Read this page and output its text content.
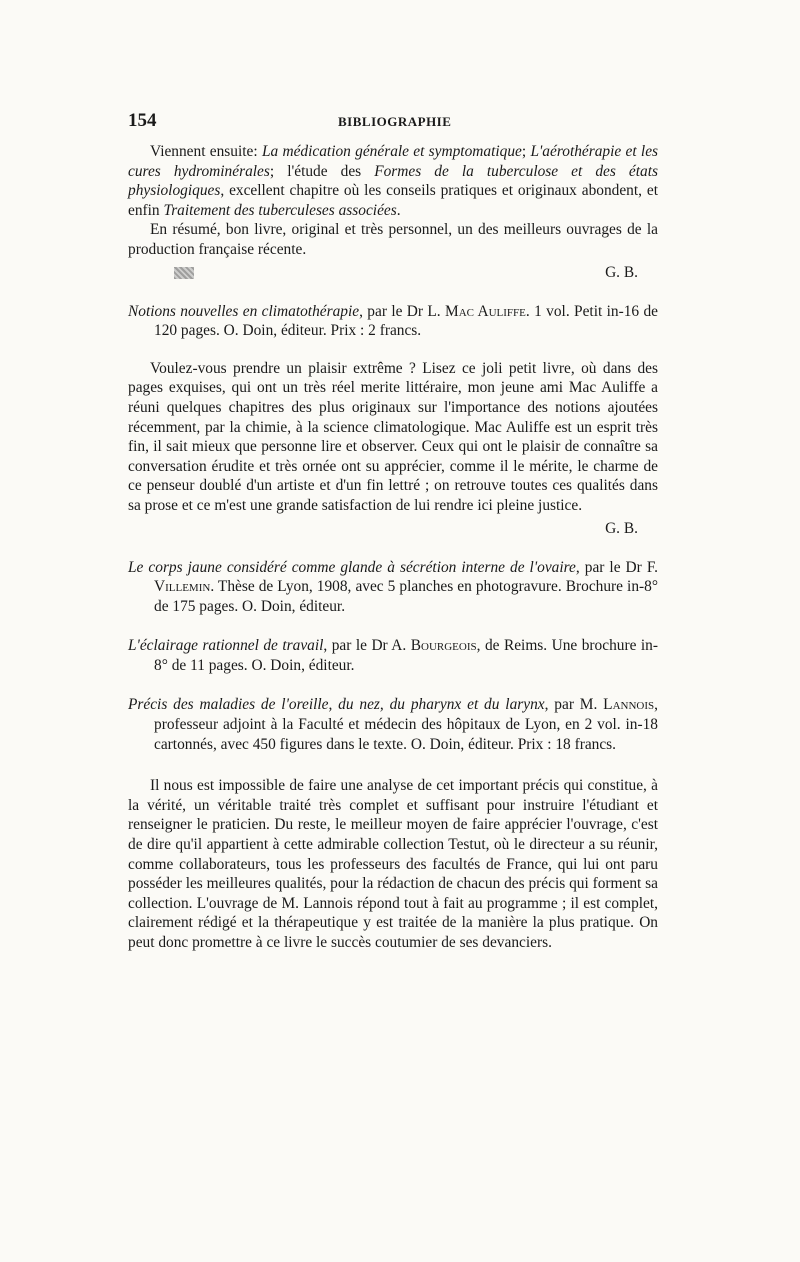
154	BIBLIOGRAPHIE

Viennent ensuite: La médication générale et symptomatique; L'aérothérapie et les cures hydrominérales; l'étude des Formes de la tuberculose et des états physiologiques, excellent chapitre où les conseils pratiques et originaux abondent, et enfin Traitement des tuberculeses associées.

En résumé, bon livre, original et très personnel, un des meilleurs ouvrages de la production française récente.

G. B.

Notions nouvelles en climatothérapie, par le Dr L. Mac Auliffe. 1 vol. Petit in-16 de 120 pages. O. Doin, éditeur. Prix : 2 francs.

Voulez-vous prendre un plaisir extrême ? Lisez ce joli petit livre, où dans des pages exquises, qui ont un très réel merite littéraire, mon jeune ami Mac Auliffe a réuni quelques chapitres des plus originaux sur l'importance des notions ajoutées récemment, par la chimie, à la science climatologique. Mac Auliffe est un esprit très fin, il sait mieux que personne lire et observer. Ceux qui ont le plaisir de connaître sa conversation érudite et très ornée ont su apprécier, comme il le mérite, le charme de ce penseur doublé d'un artiste et d'un fin lettré ; on retrouve toutes ces qualités dans sa prose et ce m'est une grande satisfaction de lui rendre ici pleine justice.

G. B.

Le corps jaune considéré comme glande à sécrétion interne de l'ovaire, par le Dr F. Villemin. Thèse de Lyon, 1908, avec 5 planches en photogravure. Brochure in-8° de 175 pages. O. Doin, éditeur.

L'éclairage rationnel de travail, par le Dr A. Bourgeois, de Reims. Une brochure in-8° de 11 pages. O. Doin, éditeur.

Précis des maladies de l'oreille, du nez, du pharynx et du larynx, par M. Lannois, professeur adjoint à la Faculté et médecin des hôpitaux de Lyon, en 2 vol. in-18 cartonnés, avec 450 figures dans le texte. O. Doin, éditeur. Prix : 18 francs.

Il nous est impossible de faire une analyse de cet important précis qui constitue, à la vérité, un véritable traité très complet et suffisant pour instruire l'étudiant et renseigner le praticien. Du reste, le meilleur moyen de faire apprécier l'ouvrage, c'est de dire qu'il appartient à cette admirable collection Testut, où le directeur a su réunir, comme collaborateurs, tous les professeurs des facultés de France, qui lui ont paru posséder les meilleures qualités, pour la rédaction de chacun des précis qui forment sa collection. L'ouvrage de M. Lannois répond tout à fait au programme ; il est complet, clairement rédigé et la thérapeutique y est traitée de la manière la plus pratique. On peut donc promettre à ce livre le succès coutumier de ses devanciers.
